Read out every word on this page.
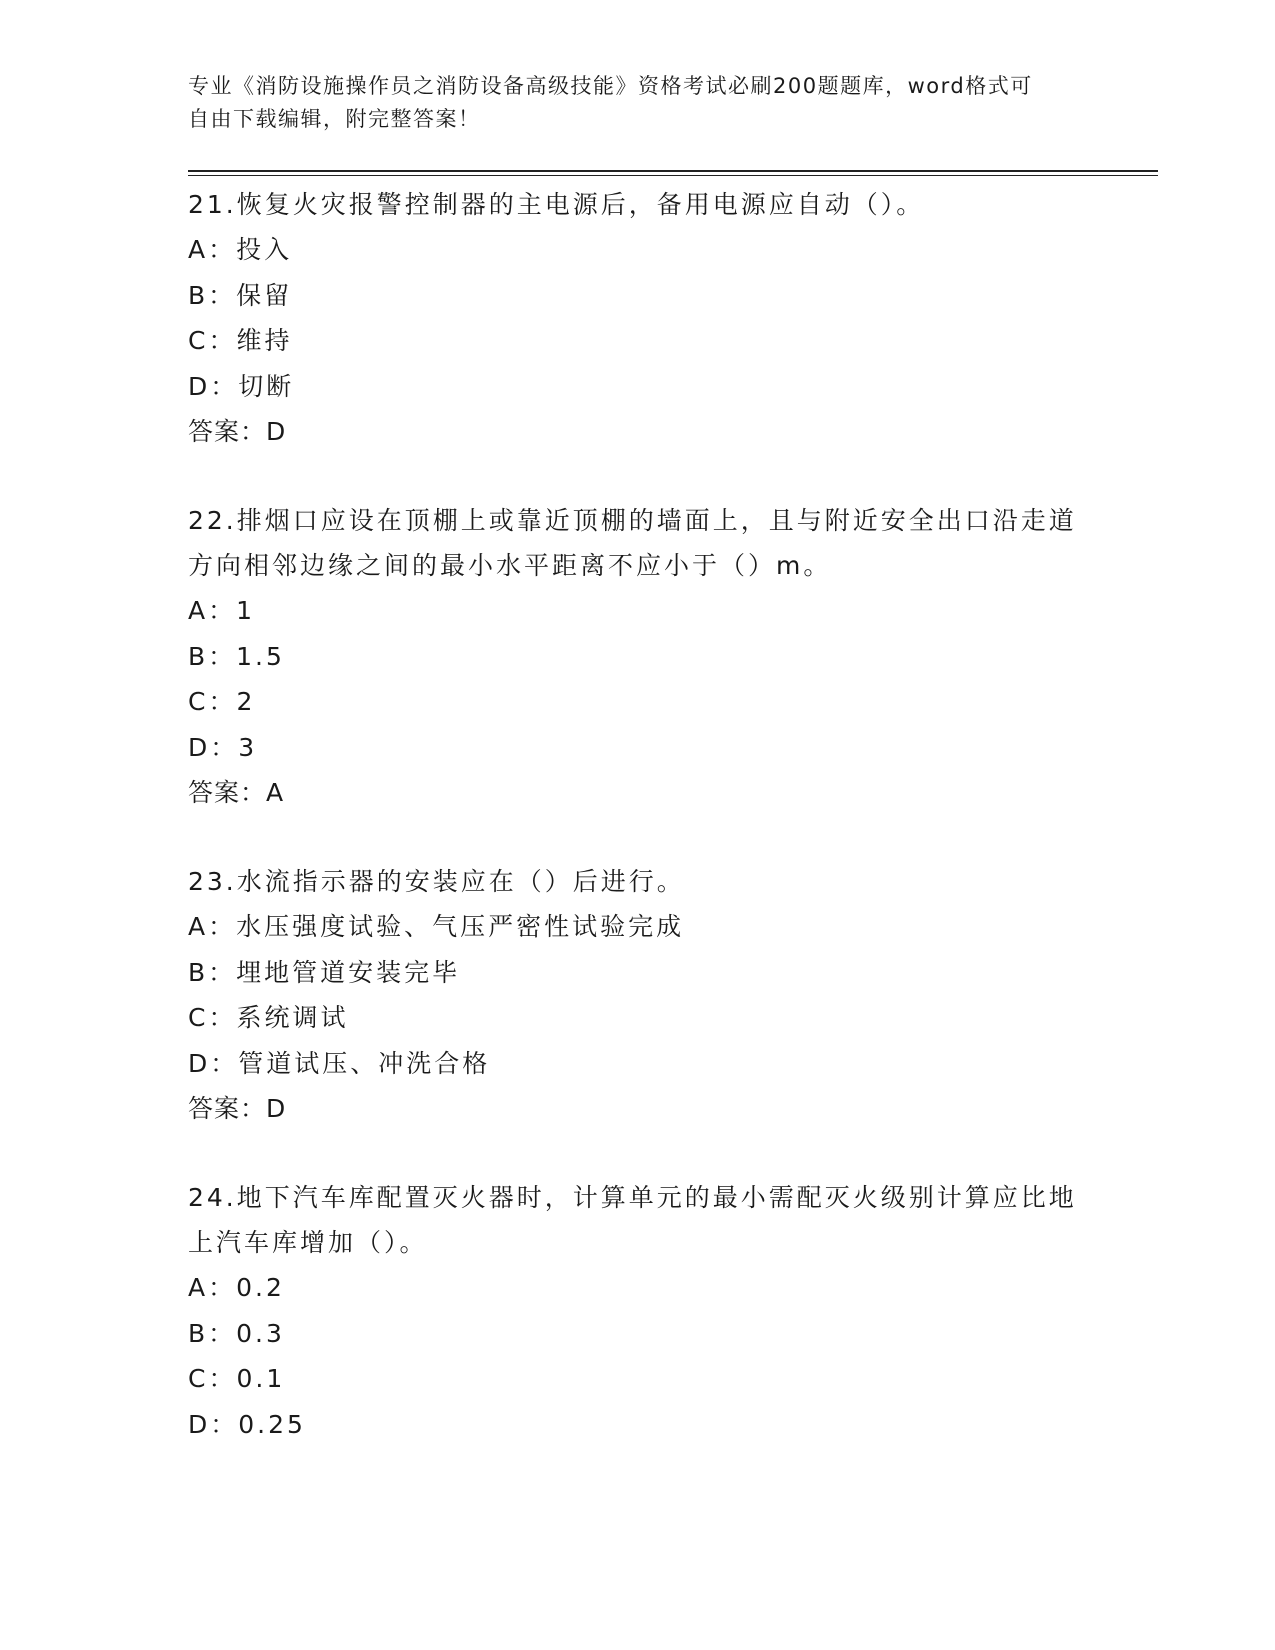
专业《消防设施操作员之消防设备高级技能》资格考试必刷200题题库，word格式可自由下载编辑，附完整答案！

21.恢复火灾报警控制器的主电源后，备用电源应自动（）。

A： 投入

B： 保留

C： 维持

D： 切断

答案：D

22.排烟口应设在顶棚上或靠近顶棚的墙面上，且与附近安全出口沿走道方向相邻边缘之间的最小水平距离不应小于（）m。

A： 1

B： 1.5

C： 2

D： 3

答案：A

23.水流指示器的安装应在（）后进行。

A： 水压强度试验、气压严密性试验完成

B： 埋地管道安装完毕

C： 系统调试

D： 管道试压、冲洗合格

答案：D

24.地下汽车库配置灭火器时，计算单元的最小需配灭火级别计算应比地上汽车库增加（）。

A： 0.2

B： 0.3

C： 0.1

D： 0.25
